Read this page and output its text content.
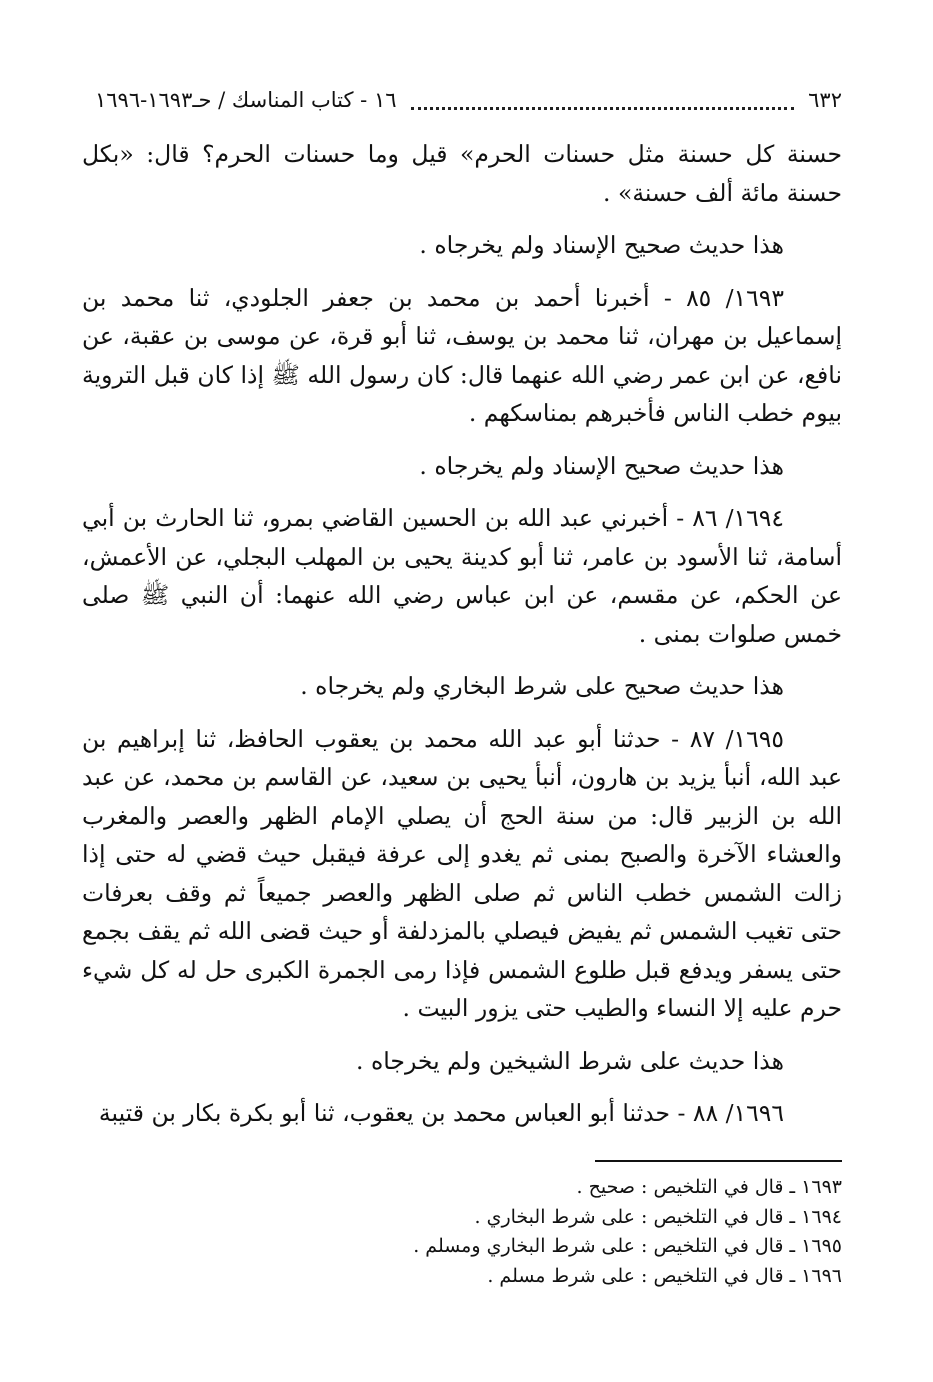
٦٣٢
١٦ - كتاب المناسك / حـ١٦٩٣-١٦٩٦

حسنة كل حسنة مثل حسنات الحرم» قيل وما حسنات الحرم؟ قال: «بكل حسنة مائة ألف حسنة» .

هذا حديث صحيح الإسناد ولم يخرجاه .

١٦٩٣/ ٨٥ - أخبرنا أحمد بن محمد بن جعفر الجلودي، ثنا محمد بن إسماعيل بن مهران، ثنا محمد بن يوسف، ثنا أبو قرة، عن موسى بن عقبة، عن نافع، عن ابن عمر رضي الله عنهما قال: كان رسول الله ﷺ إذا كان قبل التروية بيوم خطب الناس فأخبرهم بمناسكهم .

هذا حديث صحيح الإسناد ولم يخرجاه .

١٦٩٤/ ٨٦ - أخبرني عبد الله بن الحسين القاضي بمرو، ثنا الحارث بن أبي أسامة، ثنا الأسود بن عامر، ثنا أبو كدينة يحيى بن المهلب البجلي، عن الأعمش، عن الحكم، عن مقسم، عن ابن عباس رضي الله عنهما: أن النبي ﷺ صلى خمس صلوات بمنى .

هذا حديث صحيح على شرط البخاري ولم يخرجاه .

١٦٩٥/ ٨٧ - حدثنا أبو عبد الله محمد بن يعقوب الحافظ، ثنا إبراهيم بن عبد الله، أنبأ يزيد بن هارون، أنبأ يحيى بن سعيد، عن القاسم بن محمد، عن عبد الله بن الزبير قال: من سنة الحج أن يصلي الإمام الظهر والعصر والمغرب والعشاء الآخرة والصبح بمنى ثم يغدو إلى عرفة فيقبل حيث قضي له حتى إذا زالت الشمس خطب الناس ثم صلى الظهر والعصر جميعاً ثم وقف بعرفات حتى تغيب الشمس ثم يفيض فيصلي بالمزدلفة أو حيث قضى الله ثم يقف بجمع حتى يسفر ويدفع قبل طلوع الشمس فإذا رمى الجمرة الكبرى حل له كل شيء حرم عليه إلا النساء والطيب حتى يزور البيت .

هذا حديث على شرط الشيخين ولم يخرجاه .

١٦٩٦/ ٨٨ - حدثنا أبو العباس محمد بن يعقوب، ثنا أبو بكرة بكار بن قتيبة

١٦٩٣ ـ قال في التلخيص : صحيح .
١٦٩٤ ـ قال في التلخيص : على شرط البخاري .
١٦٩٥ ـ قال في التلخيص : على شرط البخاري ومسلم .
١٦٩٦ ـ قال في التلخيص : على شرط مسلم .
